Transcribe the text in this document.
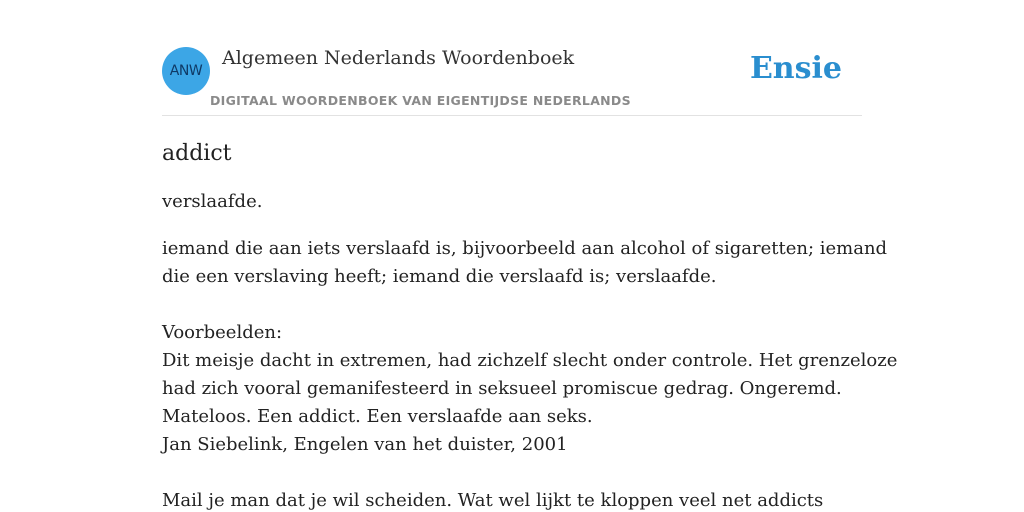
ANW
Algemeen Nederlands Woordenboek
DIGITAAL WOORDENBOEK VAN EIGENTIJDSE NEDERLANDS
Ensie
addict

verslaafde.

iemand die aan iets verslaafd is, bijvoorbeeld aan alcohol of sigaretten; iemand
die een verslaving heeft; iemand die verslaafd is; verslaafde.
Voorbeelden:
Dit meisje dacht in extremen, had zichzelf slecht onder controle. Het grenzeloze
had zich vooral gemanifesteerd in seksueel promiscue gedrag. Ongeremd.
Mateloos. Een addict. Een verslaafde aan seks.
Jan Siebelink, Engelen van het duister, 2001
Mail je man dat je wil scheiden. Wat wel lijkt te kloppen veel net addicts
